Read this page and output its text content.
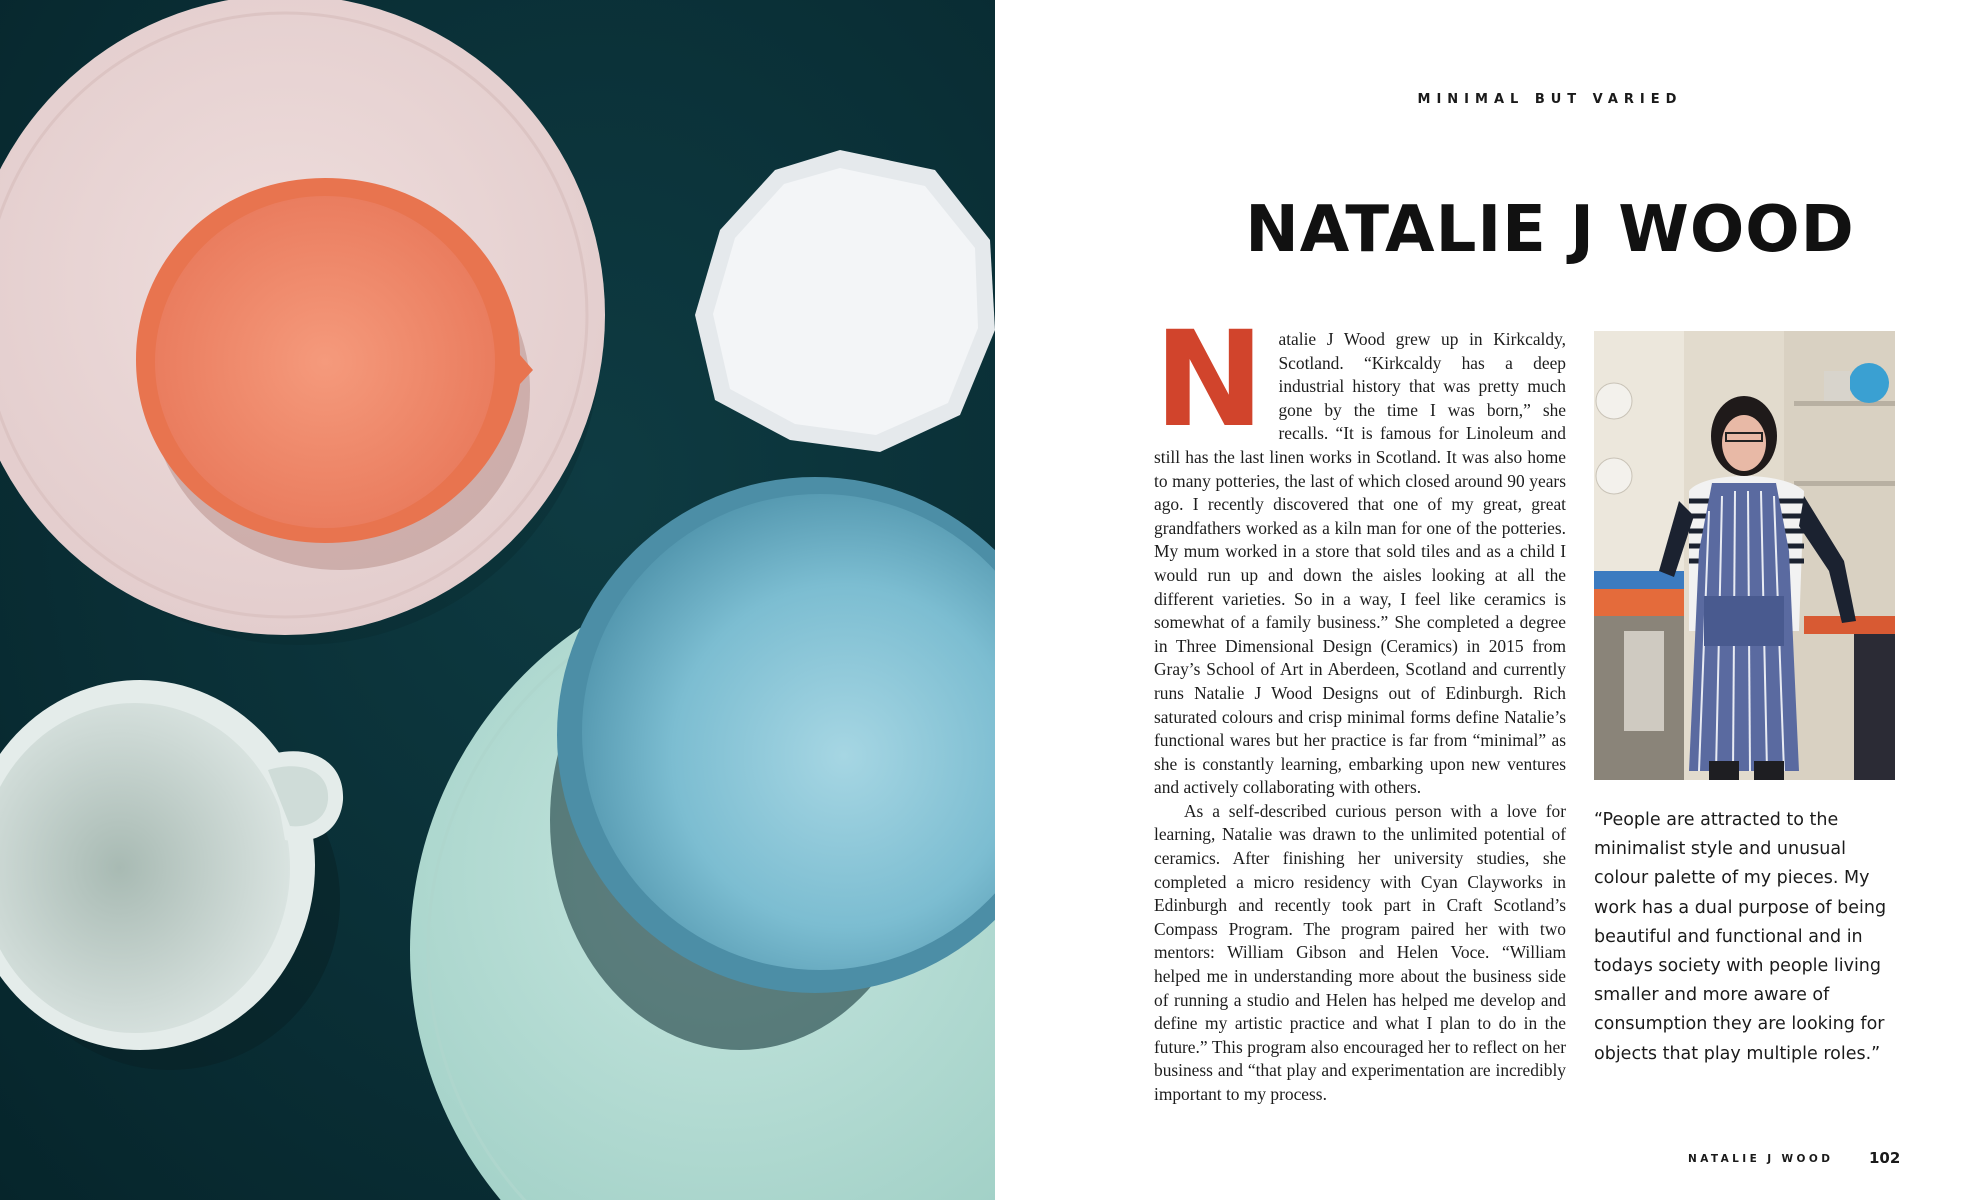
MINIMAL BUT VARIED
NATALIE J WOOD

Natalie J Wood grew up in Kirkcaldy, Scotland. “Kirkcaldy has a deep industrial history that was pretty much gone by the time I was born,” she recalls. “It is famous for Linoleum and still has the last linen works in Scotland. It was also home to many potteries, the last of which closed around 90 years ago. I recently discovered that one of my great, great grandfathers worked as a kiln man for one of the potteries. My mum worked in a store that sold tiles and as a child I would run up and down the aisles looking at all the different varieties. So in a way, I feel like ceramics is somewhat of a family business.” She completed a degree in Three Dimensional Design (Ceramics) in 2015 from Gray’s School of Art in Aberdeen, Scotland and currently runs Natalie J Wood Designs out of Edinburgh. Rich saturated colours and crisp minimal forms define Natalie’s functional wares but her practice is far from “minimal” as she is constantly learning, embarking upon new ventures and actively collaborating with others.

As a self-described curious person with a love for learning, Natalie was drawn to the unlimited potential of ceramics. After finishing her university studies, she completed a micro residency with Cyan Clayworks in Edinburgh and recently took part in Craft Scotland’s Compass Program. The program paired her with two mentors: William Gibson and Helen Voce. “William helped me in understanding more about the business side of running a studio and Helen has helped me develop and define my artistic practice and what I plan to do in the future.” This program also encouraged her to reflect on her business and “that play and experimentation are incredibly important to my process.

“People are attracted to the minimalist style and unusual colour palette of my pieces. My work has a dual purpose of being beautiful and functional and in todays society with people living smaller and more aware of consumption they are looking for objects that play multiple roles.”
NATALIE J WOOD 102
